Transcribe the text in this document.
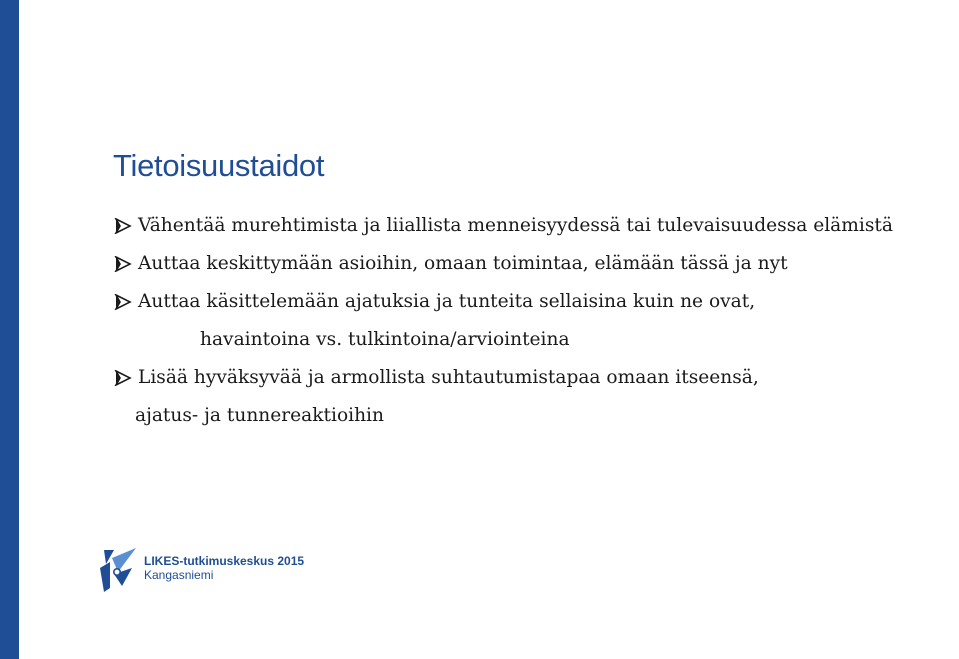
Tietoisuustaidot
Vähentää murehtimista ja liiallista menneisyydessä tai tulevaisuudessa elämistä
Auttaa keskittymään asioihin, omaan toimintaa, elämään tässä ja nyt
Auttaa käsittelemään ajatuksia ja tunteita sellaisina kuin ne ovat,
havaintoina vs. tulkintoina/arviointeina
Lisää hyväksyvää ja armollista suhtautumistapaa omaan itseensä,
ajatus- ja tunnereaktioihin
LIKES-tutkimuskeskus 2015
Kangasniemi
